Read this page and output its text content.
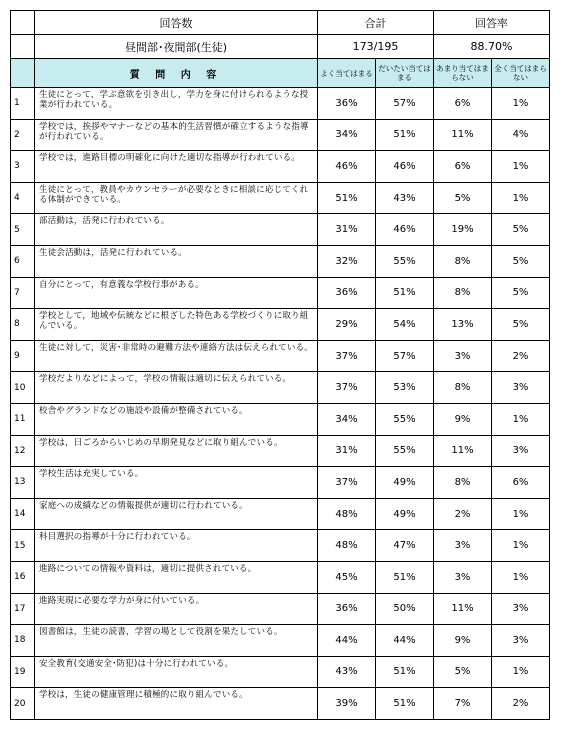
	回答数	合計		回答率	
	昼間部･夜間部(生徒)	173/195		88.70%	
	質 問 内 容	よく当てはまる	だいたい当てはまる	あまり当てはまらない	全く当てはまらない
1	生徒にとって，学ぶ意欲を引き出し，学力を身に付けられるような授業が行われている。	36%	57%	6%	1%
2	学校では，挨拶やマナーなどの基本的生活習慣が確立するような指導が行われている。	34%	51%	11%	4%
3	学校では，進路目標の明確化に向けた適切な指導が行われている。	46%	46%	6%	1%
4	生徒にとって，教員やカウンセラーが必要なときに相談に応じてくれる体制ができている。	51%	43%	5%	1%
5	部活動は，活発に行われている。	31%	46%	19%	5%
6	生徒会活動は，活発に行われている。	32%	55%	8%	5%
7	自分にとって，有意義な学校行事がある。	36%	51%	8%	5%
8	学校として，地域や伝統などに根ざした特色ある学校づくりに取り組んでいる。	29%	54%	13%	5%
9	生徒に対して，災害･非常時の避難方法や連絡方法は伝えられている。	37%	57%	3%	2%
10	学校だよりなどによって，学校の情報は適切に伝えられている。	37%	53%	8%	3%
11	校舎やグランドなどの施設や設備が整備されている。	34%	55%	9%	1%
12	学校は，日ごろからいじめの早期発見などに取り組んでいる。	31%	55%	11%	3%
13	学校生活は充実している。	37%	49%	8%	6%
14	家庭への成績などの情報提供が適切に行われている。	48%	49%	2%	1%
15	科目選択の指導が十分に行われている。	48%	47%	3%	1%
16	進路についての情報や資料は，適切に提供されている。	45%	51%	3%	1%
17	進路実現に必要な学力が身に付いている。	36%	50%	11%	3%
18	図書館は，生徒の読書，学習の場として役割を果たしている。	44%	44%	9%	3%
19	安全教育(交通安全･防犯)は十分に行われている。	43%	51%	5%	1%
20	学校は，生徒の健康管理に積極的に取り組んでいる。	39%	51%	7%	2%
